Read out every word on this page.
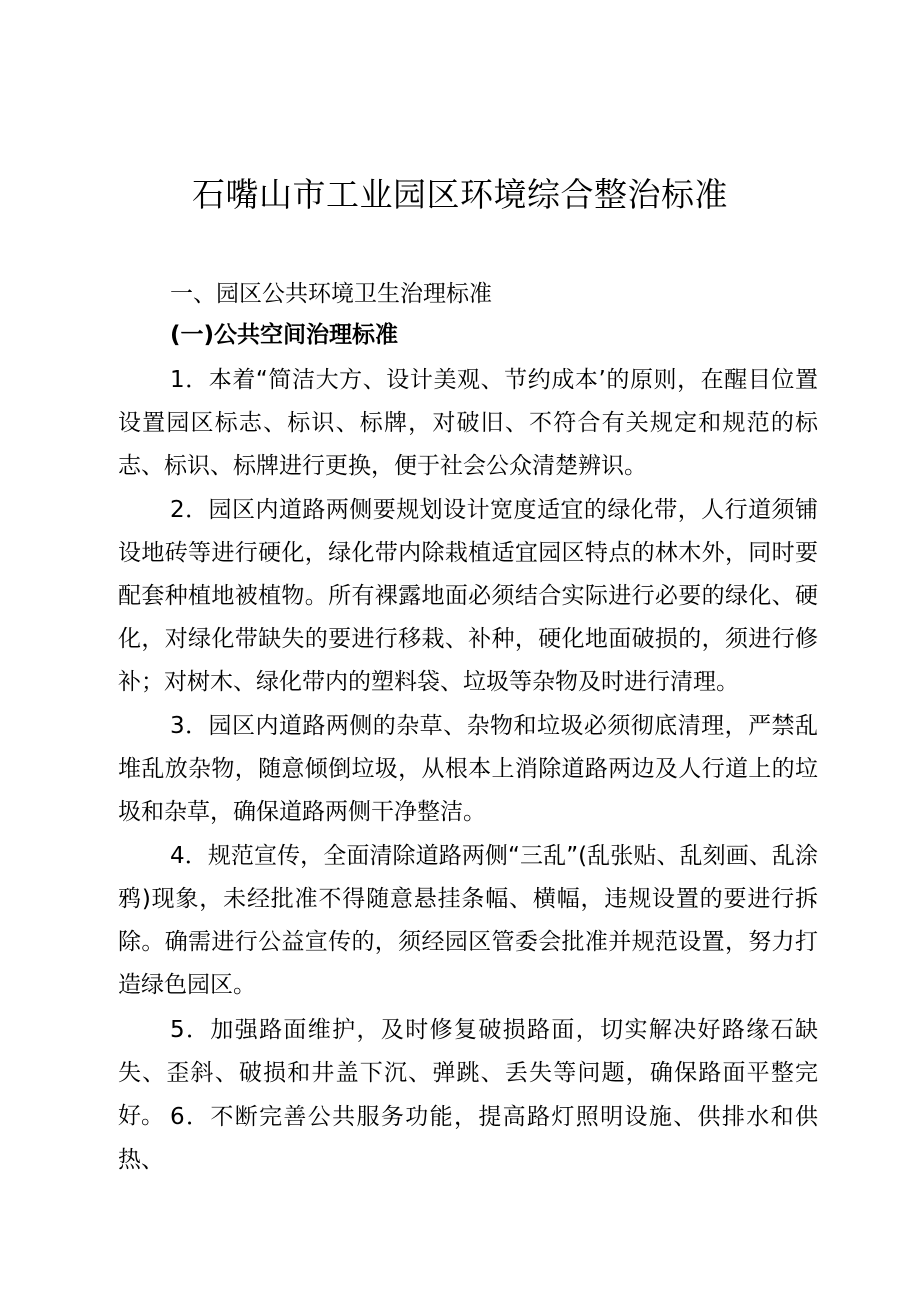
石嘴山市工业园区环境综合整治标准
一、园区公共环境卫生治理标准
(一)公共空间治理标准

1．本着“简洁大方、设计美观、节约成本’的原则，在醒目位置设置园区标志、标识、标牌，对破旧、不符合有关规定和规范的标志、标识、标牌进行更换，便于社会公众清楚辨识。

2．园区内道路两侧要规划设计宽度适宜的绿化带，人行道须铺设地砖等进行硬化，绿化带内除栽植适宜园区特点的林木外，同时要配套种植地被植物。所有裸露地面必须结合实际进行必要的绿化、硬化，对绿化带缺失的要进行移栽、补种，硬化地面破损的，须进行修补；对树木、绿化带内的塑料袋、垃圾等杂物及时进行清理。

3．园区内道路两侧的杂草、杂物和垃圾必须彻底清理，严禁乱堆乱放杂物，随意倾倒垃圾，从根本上消除道路两边及人行道上的垃圾和杂草，确保道路两侧干净整洁。

4．规范宣传，全面清除道路两侧“三乱”(乱张贴、乱刻画、乱涂鸦)现象，未经批准不得随意悬挂条幅、横幅，违规设置的要进行拆除。确需进行公益宣传的，须经园区管委会批准并规范设置，努力打造绿色园区。

5．加强路面维护，及时修复破损路面，切实解决好路缘石缺失、歪斜、破损和井盖下沉、弹跳、丢失等问题，确保路面平整完好。 6．不断完善公共服务功能，提高路灯照明设施、供排水和供热、
